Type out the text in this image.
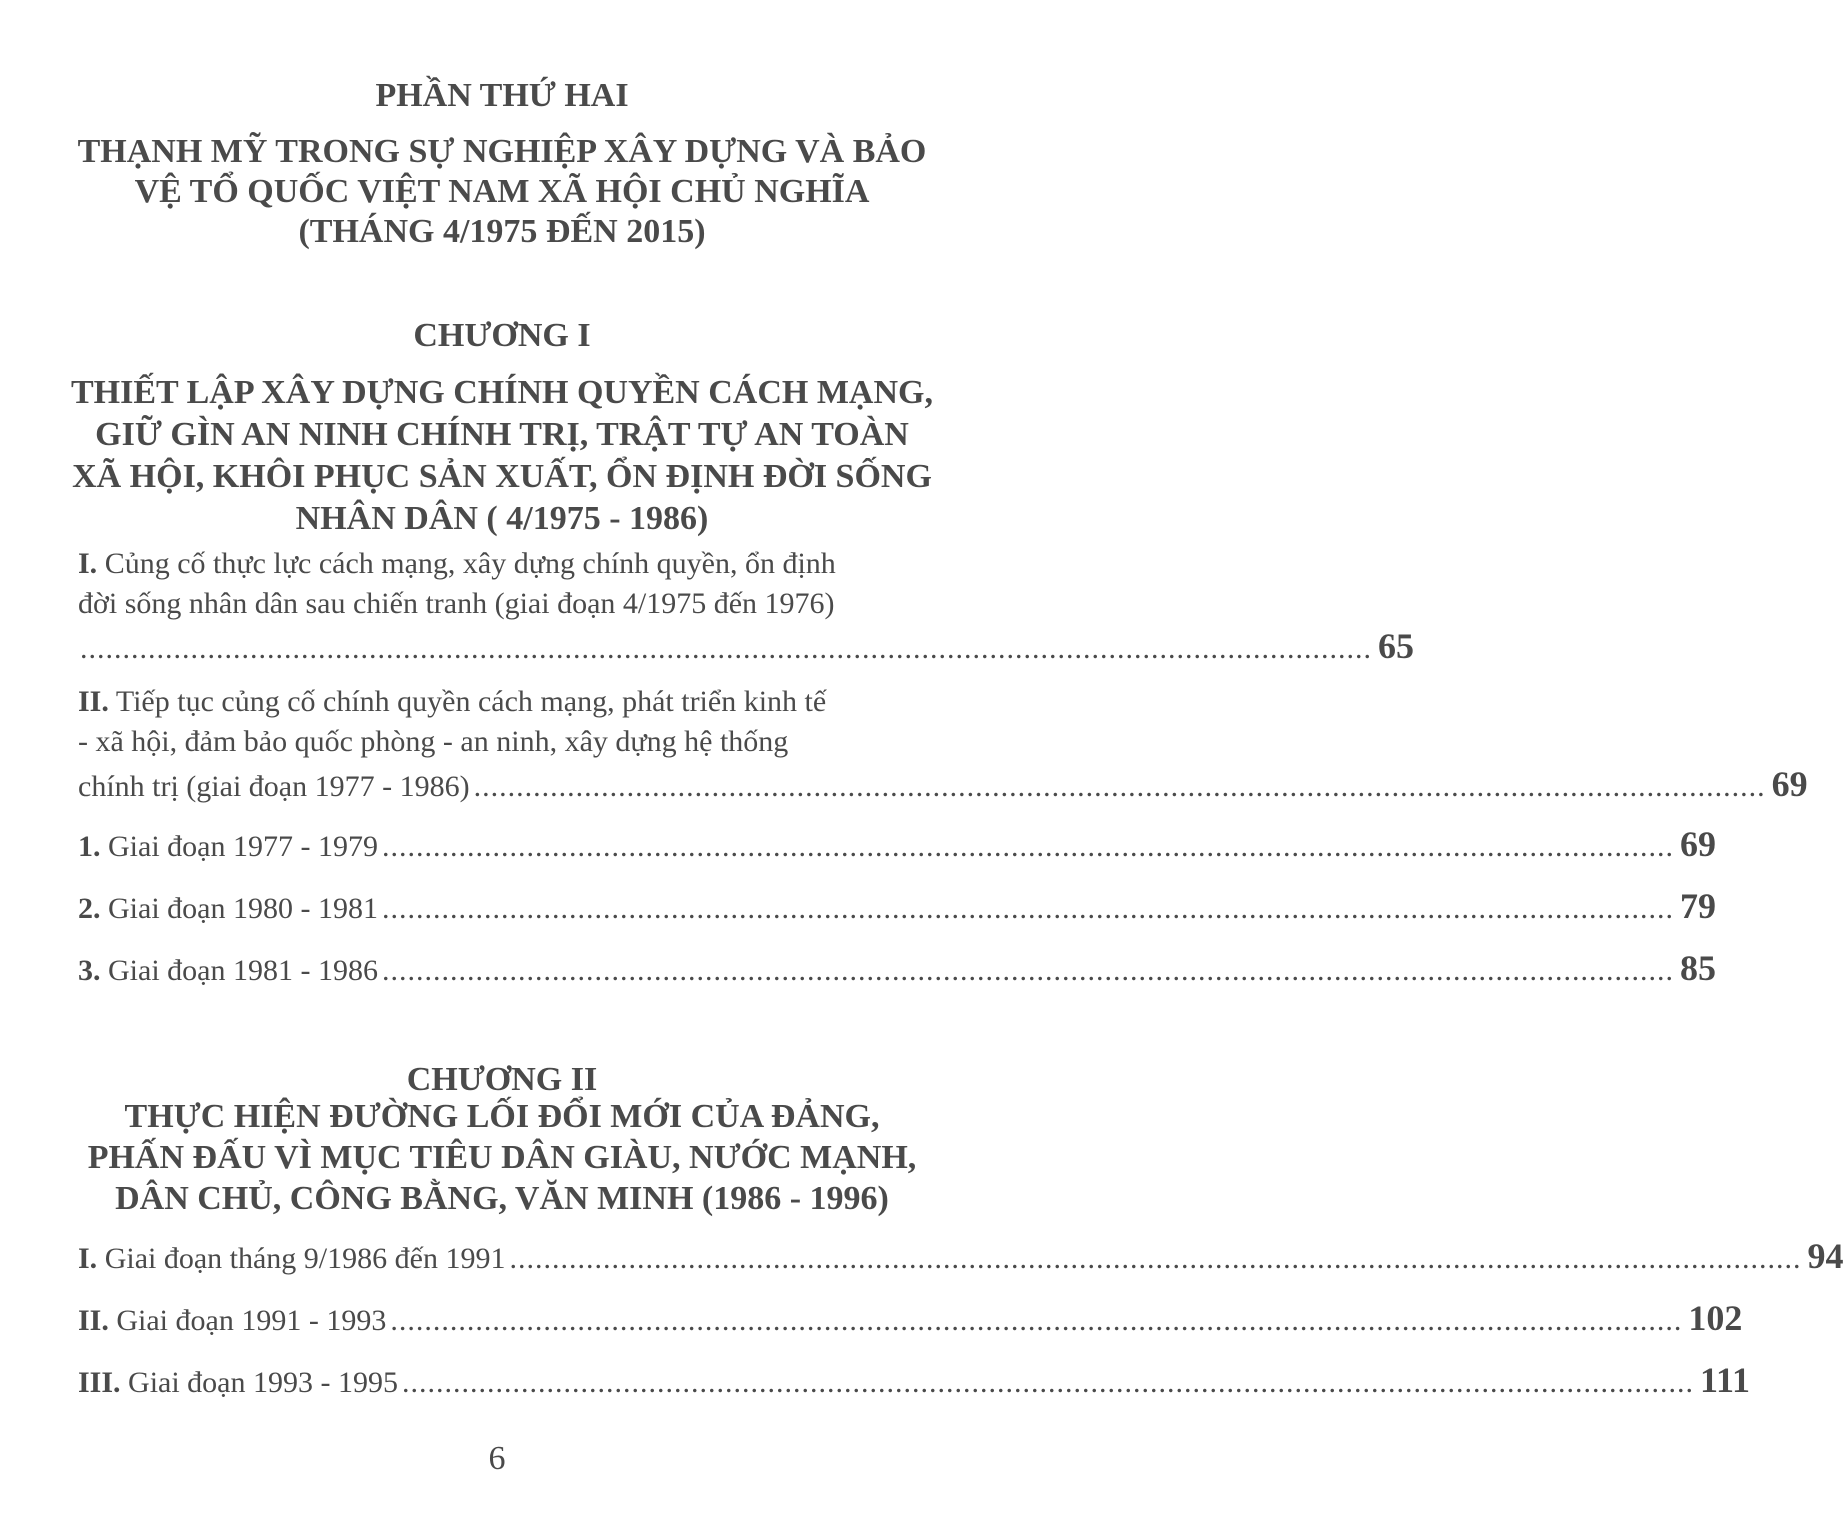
PHẦN THỨ HAI
THẠNH MỸ TRONG SỰ NGHIỆP XÂY DỰNG VÀ BẢO
VỆ TỔ QUỐC VIỆT NAM XÃ HỘI CHỦ NGHĨA
(THÁNG 4/1975 ĐẾN 2015)
CHƯƠNG I
THIẾT LẬP XÂY DỰNG CHÍNH QUYỀN CÁCH MẠNG,
GIỮ GÌN AN NINH CHÍNH TRỊ, TRẬT TỰ AN TOÀN
XÃ HỘI, KHÔI PHỤC SẢN XUẤT, ỔN ĐỊNH ĐỜI SỐNG
NHÂN DÂN ( 4/1975 - 1986)
I. Củng cố thực lực cách mạng, xây dựng chính quyền, ổn định
đời sống nhân dân sau chiến tranh (giai đoạn 4/1975 đến 1976)
........................................................................................................................................................ 65
II. Tiếp tục củng cố chính quyền cách mạng, phát triển kinh tế
- xã hội, đảm bảo quốc phòng - an ninh, xây dựng hệ thống
chính trị (giai đoạn 1977 - 1986) ........................................................................................................................................................ 69
1. Giai đoạn 1977 - 1979 ........................................................................................................................................................ 69
2. Giai đoạn 1980 - 1981 ........................................................................................................................................................ 79
3. Giai đoạn 1981 - 1986 ........................................................................................................................................................ 85
CHƯƠNG II
THỰC HIỆN ĐƯỜNG LỐI ĐỔI MỚI CỦA ĐẢNG,
PHẤN ĐẤU VÌ MỤC TIÊU DÂN GIÀU, NƯỚC MẠNH,
DÂN CHỦ, CÔNG BẰNG, VĂN MINH (1986 - 1996)
I. Giai đoạn tháng 9/1986 đến 1991 ........................................................................................................................................................ 94
II. Giai đoạn 1991 - 1993 ........................................................................................................................................................ 102
III. Giai đoạn 1993 - 1995 ........................................................................................................................................................ 111
6
